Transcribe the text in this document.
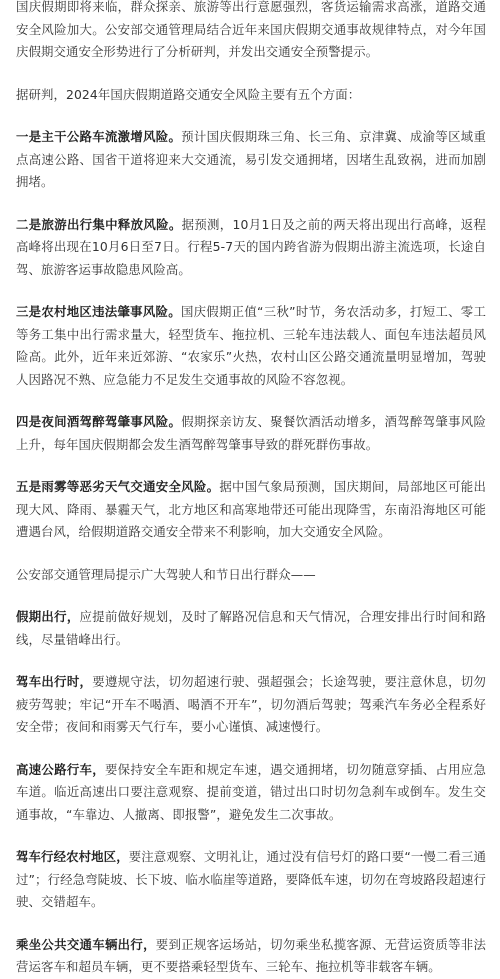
国庆假期即将来临，群众探亲、旅游等出行意愿强烈，客货运输需求高涨，道路交通安全风险加大。公安部交通管理局结合近年来国庆假期交通事故规律特点，对今年国庆假期交通安全形势进行了分析研判，并发出交通安全预警提示。

据研判，2024年国庆假期道路交通安全风险主要有五个方面：

一是主干公路车流激增风险。预计国庆假期珠三角、长三角、京津冀、成渝等区域重点高速公路、国省干道将迎来大交通流，易引发交通拥堵，因堵生乱致祸，进而加剧拥堵。

二是旅游出行集中释放风险。据预测，10月1日及之前的两天将出现出行高峰，返程高峰将出现在10月6日至7日。行程5-7天的国内跨省游为假期出游主流选项，长途自驾、旅游客运事故隐患风险高。

三是农村地区违法肇事风险。国庆假期正值“三秋”时节，务农活动多，打短工、零工等务工集中出行需求量大，轻型货车、拖拉机、三轮车违法载人、面包车违法超员风险高。此外，近年来近郊游、“农家乐”火热，农村山区公路交通流量明显增加，驾驶人因路况不熟、应急能力不足发生交通事故的风险不容忽视。

四是夜间酒驾醉驾肇事风险。假期探亲访友、聚餐饮酒活动增多，酒驾醉驾肇事风险上升，每年国庆假期都会发生酒驾醉驾肇事导致的群死群伤事故。

五是雨雾等恶劣天气交通安全风险。据中国气象局预测，国庆期间，局部地区可能出现大风、降雨、暴霾天气，北方地区和高寒地带还可能出现降雪，东南沿海地区可能遭遇台风，给假期道路交通安全带来不利影响，加大交通安全风险。

公安部交通管理局提示广大驾驶人和节日出行群众——

假期出行，应提前做好规划，及时了解路况信息和天气情况，合理安排出行时间和路线，尽量错峰出行。

驾车出行时，要遵规守法，切勿超速行驶、强超强会；长途驾驶，要注意休息，切勿疲劳驾驶；牢记“开车不喝酒、喝酒不开车”，切勿酒后驾驶；驾乘汽车务必全程系好安全带；夜间和雨雾天气行车，要小心谨慎、减速慢行。

高速公路行车，要保持安全车距和规定车速，遇交通拥堵，切勿随意穿插、占用应急车道。临近高速出口要注意观察、提前变道，错过出口时切勿急刹车或倒车。发生交通事故，“车靠边、人撤离、即报警”，避免发生二次事故。

驾车行经农村地区，要注意观察、文明礼让，通过没有信号灯的路口要“一慢二看三通过”；行经急弯陡坡、长下坡、临水临崖等道路，要降低车速，切勿在弯坡路段超速行驶、交错超车。

乘坐公共交通车辆出行，要到正规客运场站，切勿乘坐私揽客源、无营运资质等非法营运客车和超员车辆，更不要搭乘轻型货车、三轮车、拖拉机等非载客车辆。
